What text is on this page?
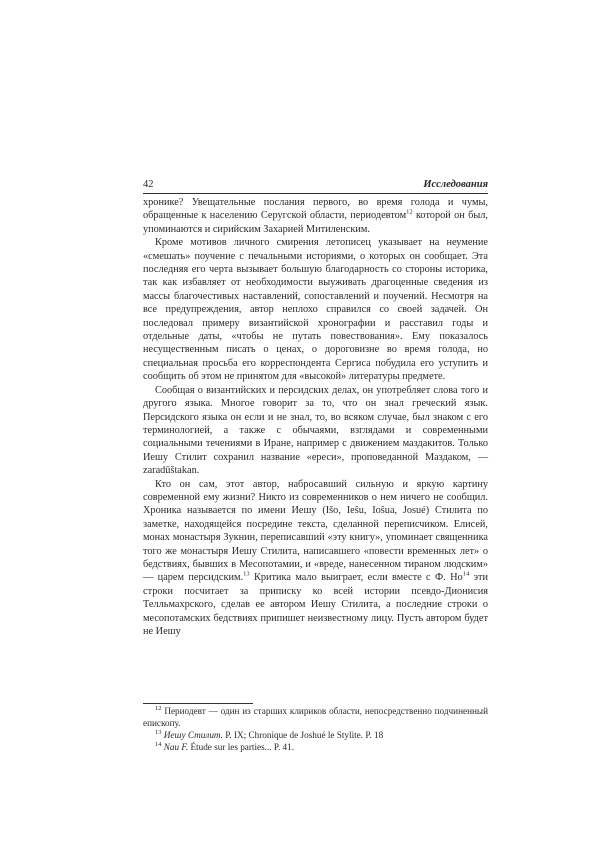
42	Исследования

хронике? Увещательные послания первого, во время голода и чумы, обращенные к населению Серугской области, периодевтом$^{12}$ которой он был, упоминаются и сирийским Захарией Митиленским.

Кроме мотивов личного смирения летописец указывает на неумение «смешать» поучение с печальными историями, о которых он сообщает. Эта последняя его черта вызывает большую благодарность со стороны историка, так как избавляет от необходимости выуживать драгоценные сведения из массы благочестивых наставлений, сопоставлений и поучений. Несмотря на все предупреждения, автор неплохо справился со своей задачей. Он последовал примеру византийской хронографии и расставил годы и отдельные даты, «чтобы не путать повествования». Ему показалось несущественным писать о ценах, о дороговизне во время голода, но специальная просьба его корреспондента Сергиса побудила его уступить и сообщить об этом не принятом для «высокой» литературы предмете.

Сообщая о византийских и персидских делах, он употребляет слова того и другого языка. Многое говорит за то, что он знал греческий язык. Персидского языка он если и не знал, то, во всяком случае, был знаком с его терминологией, а также с обычаями, взглядами и современными социальными течениями в Иране, например с движением маздакитов. Только Иешу Стилит сохранил название «ереси», проповеданной Маздаком, — zaradūštakan.

Кто он сам, этот автор, набросавший сильную и яркую картину современной ему жизни? Никто из современников о нем ничего не сообщил. Хроника называется по имени Иешу (Išo, Ieŝu, Ioŝua, Josué) Стилита по заметке, находящейся посредине текста, сделанной переписчиком. Елисей, монах монастыря Зукнин, переписавший «эту книгу», упоминает священника того же монастыря Иешу Стилита, написавшего «повести временных лет» о бедствиях, бывших в Месопотамии, и «вреде, нанесенном тираном людским» — царем персидским.$^{13}$ Критика мало выиграет, если вместе с Ф. $Но^{14}$ эти строки посчитает за приписку ко всей истории псевдо-Дионисия Телльмахрского, сделав ее автором Иешу Стилита, а последние строки о месопотамских бедствиях припишет неизвестному лицу. Пусть автором будет не Иешу

$^{12}$ Периодевт — один из старших клириков области, непосредственно подчиненный епископу.

$^{13}$ Иешу Стилит. P. IX; Chronique de Joshué le Stylite. P. 18

$^{14}$ Nau F. Étude sur les parties... P. 41.
